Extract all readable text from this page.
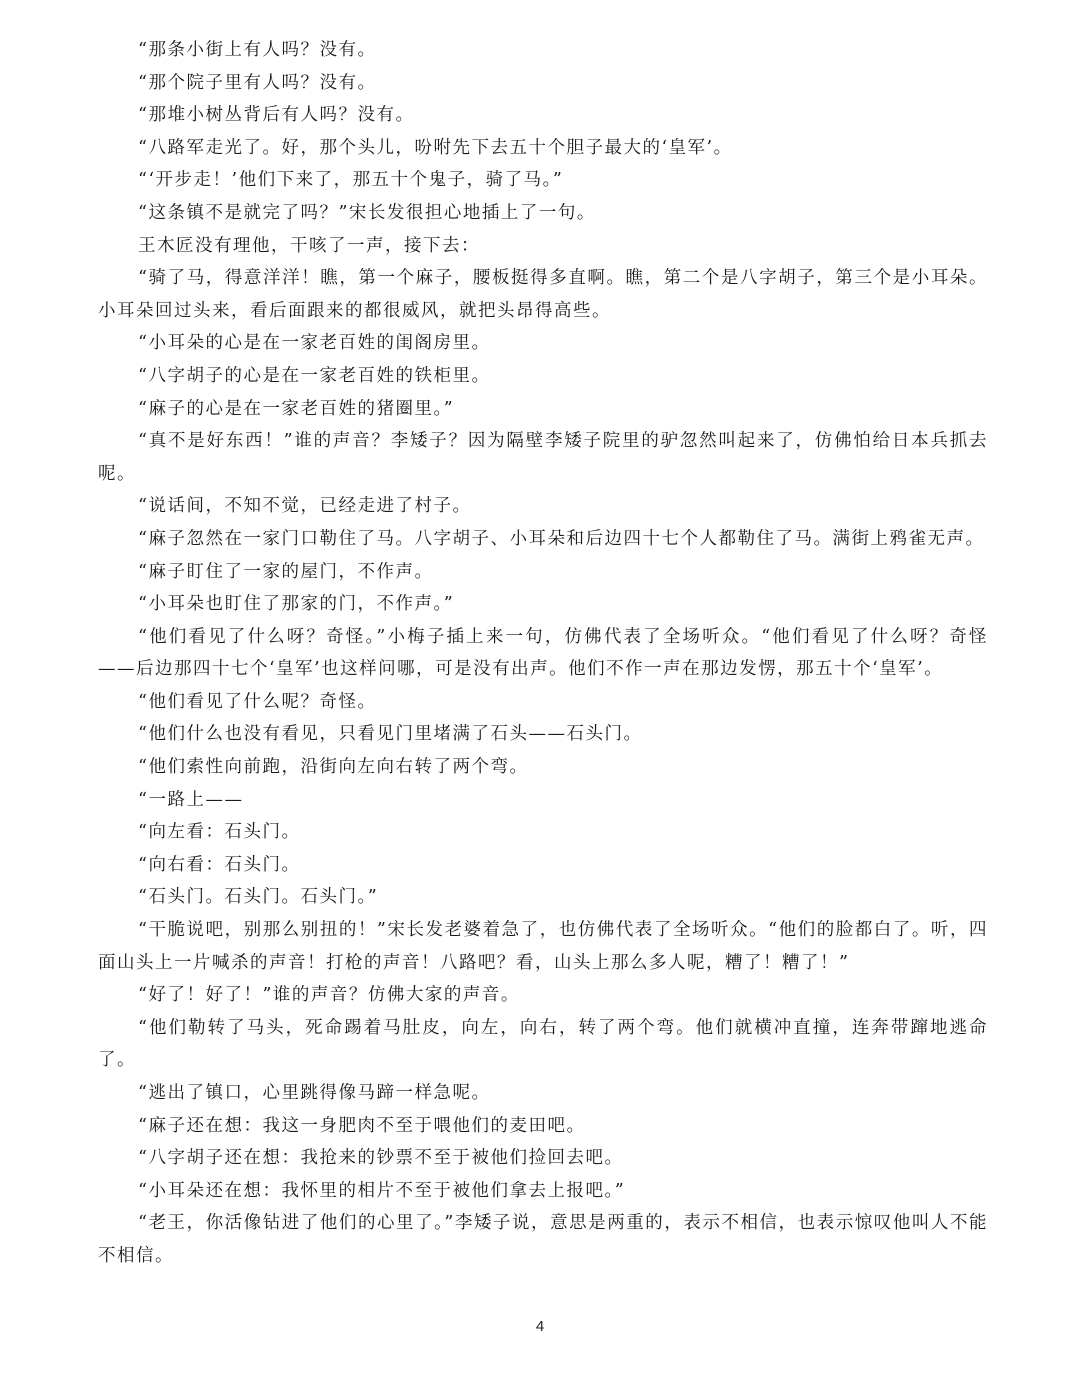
“那条小街上有人吗？没有。

“那个院子里有人吗？没有。

“那堆小树丛背后有人吗？没有。

“八路军走光了。好，那个头儿，吩咐先下去五十个胆子最大的‘皇军’。

“‘开步走！’他们下来了，那五十个鬼子，骑了马。”

“这条镇不是就完了吗？”宋长发很担心地插上了一句。

王木匠没有理他，干咳了一声，接下去：

“骑了马，得意洋洋！瞧，第一个麻子，腰板挺得多直啊。瞧，第二个是八字胡子，第三个是小耳朵。小耳朵回过头来，看后面跟来的都很威风，就把头昂得高些。

“小耳朵的心是在一家老百姓的闺阁房里。

“八字胡子的心是在一家老百姓的铁柜里。

“麻子的心是在一家老百姓的猪圈里。”

“真不是好东西！”谁的声音？李矮子？因为隔壁李矮子院里的驴忽然叫起来了，仿佛怕给日本兵抓去呢。

“说话间，不知不觉，已经走进了村子。

“麻子忽然在一家门口勒住了马。八字胡子、小耳朵和后边四十七个人都勒住了马。满街上鸦雀无声。

“麻子盯住了一家的屋门，不作声。

“小耳朵也盯住了那家的门，不作声。”

“他们看见了什么呀？奇怪。”小梅子插上来一句，仿佛代表了全场听众。“他们看见了什么呀？奇怪——后边那四十七个‘皇军’也这样问哪，可是没有出声。他们不作一声在那边发愣，那五十个‘皇军’。

“他们看见了什么呢？奇怪。

“他们什么也没有看见，只看见门里堵满了石头——石头门。

“他们索性向前跑，沿街向左向右转了两个弯。

“一路上——

“向左看：石头门。

“向右看：石头门。

“石头门。石头门。石头门。”

“干脆说吧，别那么别扭的！”宋长发老婆着急了，也仿佛代表了全场听众。“他们的脸都白了。听，四面山头上一片喊杀的声音！打枪的声音！八路吧？看，山头上那么多人呢，糟了！糟了！”

“好了！好了！”谁的声音？仿佛大家的声音。

“他们勒转了马头，死命踢着马肚皮，向左，向右，转了两个弯。他们就横冲直撞，连奔带蹿地逃命了。

“逃出了镇口，心里跳得像马蹄一样急呢。

“麻子还在想：我这一身肥肉不至于喂他们的麦田吧。

“八字胡子还在想：我抢来的钞票不至于被他们捡回去吧。

“小耳朵还在想：我怀里的相片不至于被他们拿去上报吧。”

“老王，你活像钻进了他们的心里了。”李矮子说，意思是两重的，表示不相信，也表示惊叹他叫人不能不相信。

4
